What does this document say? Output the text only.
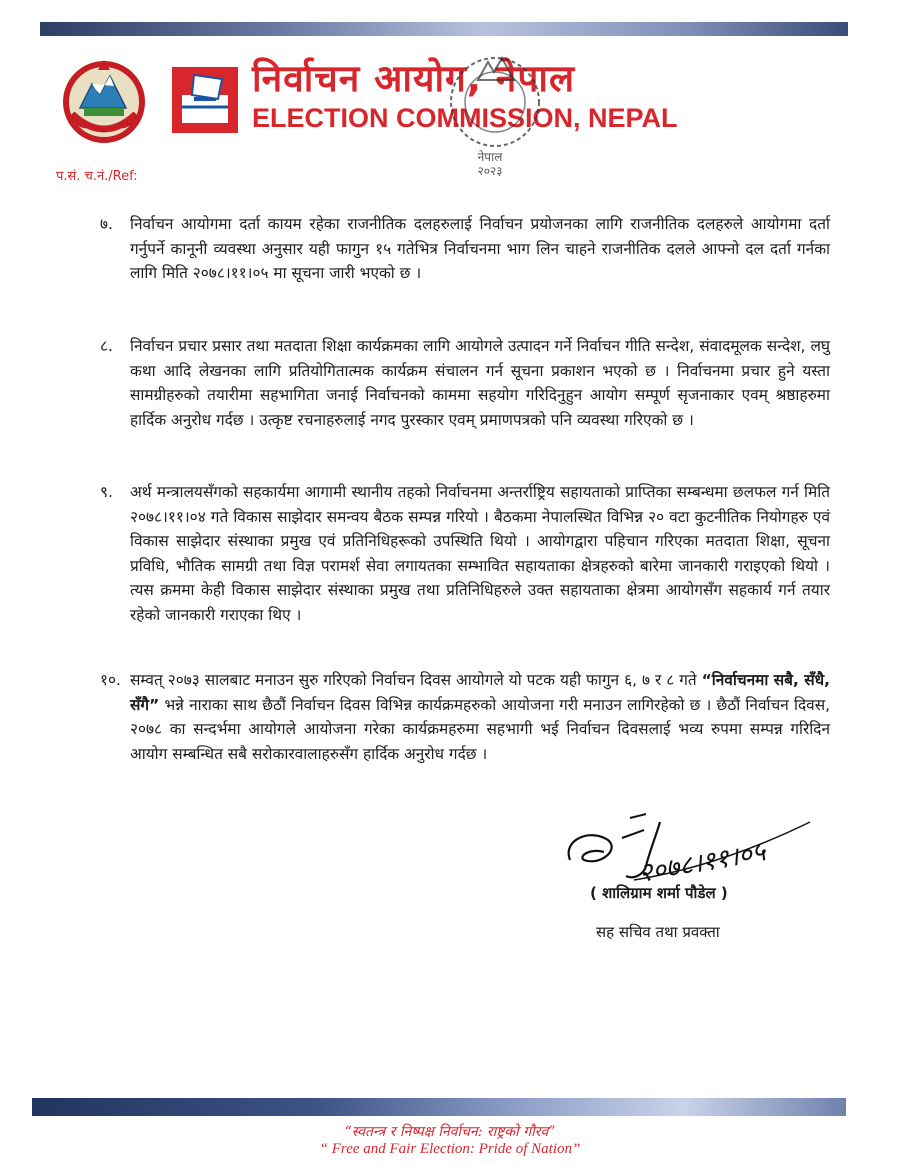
निर्वाचन आयोग, नेपाल
ELECTION COMMISSION, NEPAL
नेपाल
२०२३
प.सं. च.नं./Ref:
७.	निर्वाचन आयोगमा दर्ता कायम रहेका राजनीतिक दलहरुलाई निर्वाचन प्रयोजनका लागि राजनीतिक दलहरुले आयोगमा दर्ता गर्नुपर्ने कानूनी व्यवस्था अनुसार यही फागुन १५ गतेभित्र निर्वाचनमा भाग लिन चाहने राजनीतिक दलले आफ्नो दल दर्ता गर्नका लागि मिति २०७८।११।०५ मा सूचना जारी भएको छ ।
८.	निर्वाचन प्रचार प्रसार तथा मतदाता शिक्षा कार्यक्रमका लागि आयोगले उत्पादन गर्ने निर्वाचन गीति सन्देश, संवादमूलक सन्देश, लघु कथा आदि लेखनका लागि प्रतियोगितात्मक कार्यक्रम संचालन गर्न सूचना प्रकाशन भएको छ । निर्वाचनमा प्रचार हुने यस्ता सामग्रीहरुको तयारीमा सहभागिता जनाई निर्वाचनको काममा सहयोग गरिदिनुहुन आयोग सम्पूर्ण सृजनाकार एवम् श्रष्ठाहरुमा हार्दिक अनुरोध गर्दछ । उत्कृष्ट रचनाहरुलाई नगद पुरस्कार एवम् प्रमाणपत्रको पनि व्यवस्था गरिएको छ ।
९.	अर्थ मन्त्रालयसँगको सहकार्यमा आगामी स्थानीय तहको निर्वाचनमा अन्तर्राष्ट्रिय सहायताको प्राप्तिका सम्बन्धमा छलफल गर्न मिति २०७८।११।०४ गते विकास साझेदार समन्वय बैठक सम्पन्न गरियो । बैठकमा नेपालस्थित विभिन्न २० वटा कुटनीतिक नियोगहरु एवं विकास साझेदार संस्थाका प्रमुख एवं प्रतिनिधिहरूको उपस्थिति थियो । आयोगद्वारा पहिचान गरिएका मतदाता शिक्षा, सूचना प्रविधि, भौतिक सामग्री तथा विज्ञ परामर्श सेवा लगायतका सम्भावित सहायताका क्षेत्रहरुको बारेमा जानकारी गराइएको थियो । त्यस क्रममा केही विकास साझेदार संस्थाका प्रमुख तथा प्रतिनिधिहरुले उक्त सहायताका क्षेत्रमा आयोगसँग सहकार्य गर्न तयार रहेको जानकारी गराएका थिए ।
१०. सम्वत् २०७३ सालबाट मनाउन सुरु गरिएको निर्वाचन दिवस आयोगले यो पटक यही फागुन ६, ७ र ८ गते “निर्वाचनमा सबै, सँधै, सँगै” भन्ने नाराका साथ छैठौं निर्वाचन दिवस विभिन्न कार्यक्रमहरुको आयोजना गरी मनाउन लागिरहेको छ । छैठौं निर्वाचन दिवस, २०७८ का सन्दर्भमा आयोगले आयोजना गरेका कार्यक्रमहरुमा सहभागी भई निर्वाचन दिवसलाई भव्य रुपमा सम्पन्न गरिदिन आयोग सम्बन्धित सबै सरोकारवालाहरुसँग हार्दिक अनुरोध गर्दछ ।
२०७८।११।०५
( शालिग्राम शर्मा पौडेल )
सह सचिव तथा प्रवक्ता
“स्वतन्त्र र निष्पक्ष निर्वाचन: राष्ट्रको गौरव”
“ Free and Fair Election: Pride of Nation”
